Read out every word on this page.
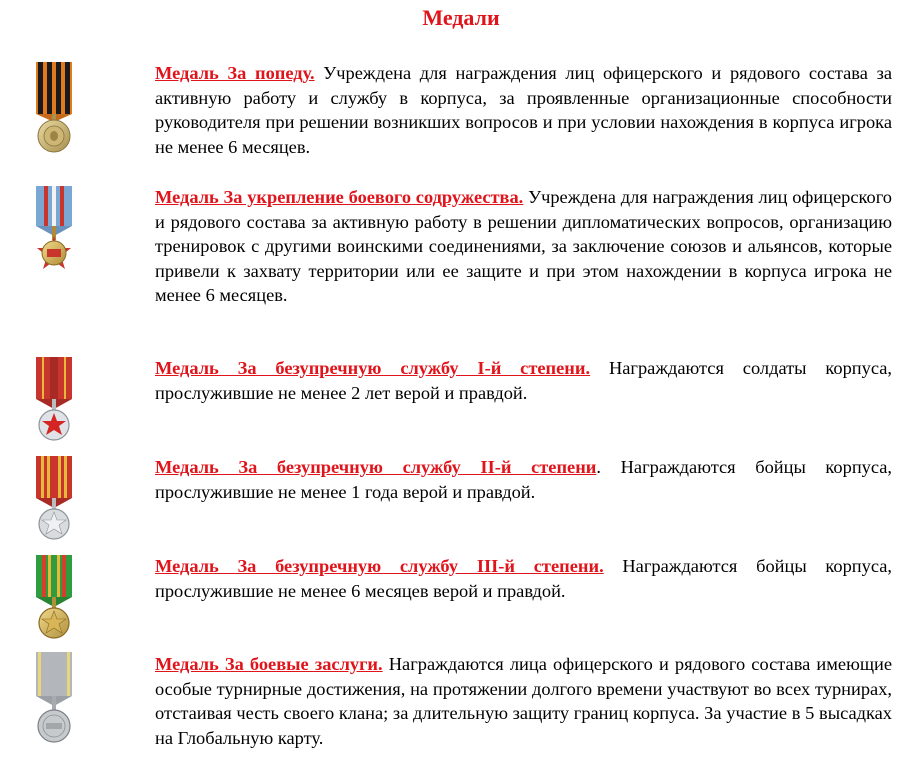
Медали
Медаль За попеду. Учреждена для награждения лиц офицерского и рядового состава за активную работу и службу в корпуса, за проявленные организационные способности руководителя при решении возникших вопросов и при условии нахождения в корпуса игрока не менее 6 месяцев.
Медаль За укрепление боевого содружества. Учреждена для награждения лиц офицерского и рядового состава за активную работу в решении дипломатических вопросов, организацию тренировок с другими воинскими соединениями, за заключение союзов и альянсов, которые привели к захвату территории или ее защите и при этом нахождении в корпуса игрока не менее 6 месяцев.
Медаль За безупречную службу I-й степени. Награждаются солдаты корпуса, прослужившие не менее 2 лет верой и правдой.
Медаль За безупречную службу II-й степени. Награждаются бойцы корпуса, прослужившие не менее 1 года верой и правдой.
Медаль За безупречную службу III-й степени. Награждаются бойцы корпуса, прослужившие не менее 6 месяцев верой и правдой.
Медаль За боевые заслуги. Награждаются лица офицерского и рядового состава имеющие особые турнирные достижения, на протяжении долгого времени участвуют во всех турнирах, отстаивая честь своего клана; за длительную защиту границ корпуса. За участие в 5 высадках на Глобальную карту.
